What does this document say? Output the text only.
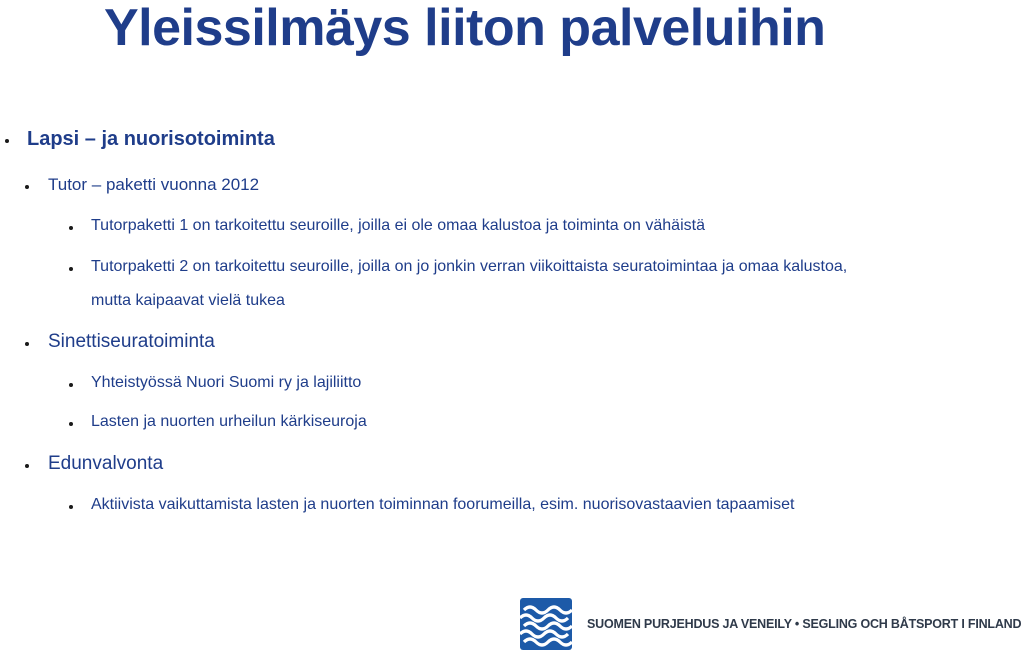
Yleissilmäys liiton palveluihin
Lapsi – ja nuorisotoiminta
Tutor – paketti vuonna 2012
Tutorpaketti 1 on tarkoitettu seuroille, joilla ei ole omaa kalustoa ja toiminta on vähäistä
Tutorpaketti 2 on tarkoitettu seuroille, joilla on jo jonkin verran viikoittaista seuratoimintaa ja omaa kalustoa,
mutta kaipaavat vielä tukea
Sinettiseuratoiminta
Yhteistyössä Nuori Suomi ry ja lajiliitto
Lasten ja nuorten urheilun kärkiseuroja
Edunvalvonta
Aktiivista vaikuttamista lasten ja nuorten toiminnan foorumeilla, esim. nuorisovastaavien tapaamiset
SUOMEN PURJEHDUS JA VENEILY • SEGLING OCH BÅTSPORT I FINLAND
